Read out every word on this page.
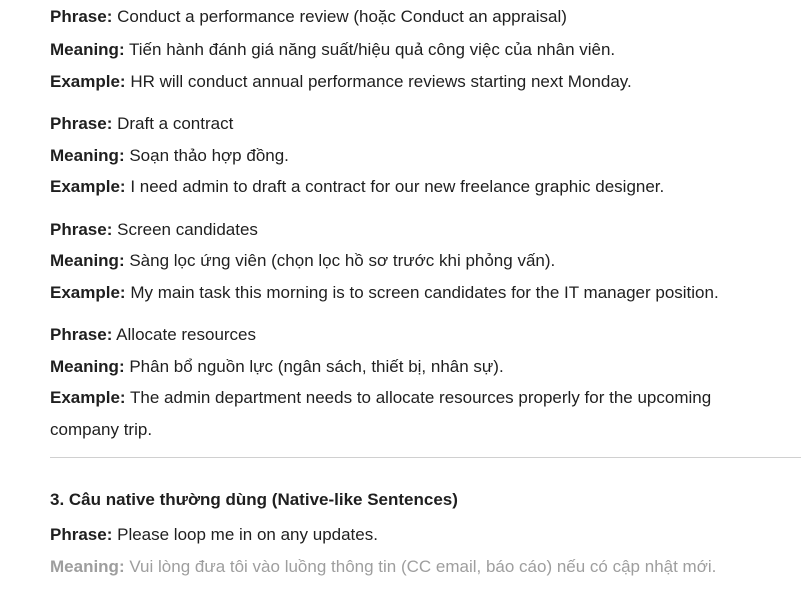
Phrase: Conduct a performance review (hoặc Conduct an appraisal)

Meaning: Tiến hành đánh giá năng suất/hiệu quả công việc của nhân viên.

Example: HR will conduct annual performance reviews starting next Monday.

Phrase: Draft a contract

Meaning: Soạn thảo hợp đồng.

Example: I need admin to draft a contract for our new freelance graphic designer.

Phrase: Screen candidates

Meaning: Sàng lọc ứng viên (chọn lọc hồ sơ trước khi phỏng vấn).

Example: My main task this morning is to screen candidates for the IT manager position.

Phrase: Allocate resources

Meaning: Phân bổ nguồn lực (ngân sách, thiết bị, nhân sự).

Example: The admin department needs to allocate resources properly for the upcoming company trip.

3. Câu native thường dùng (Native-like Sentences)

Phrase: Please loop me in on any updates.

Meaning: Vui lòng đưa tôi vào luồng thông tin (CC email, báo cáo) nếu có cập nhật mới.
